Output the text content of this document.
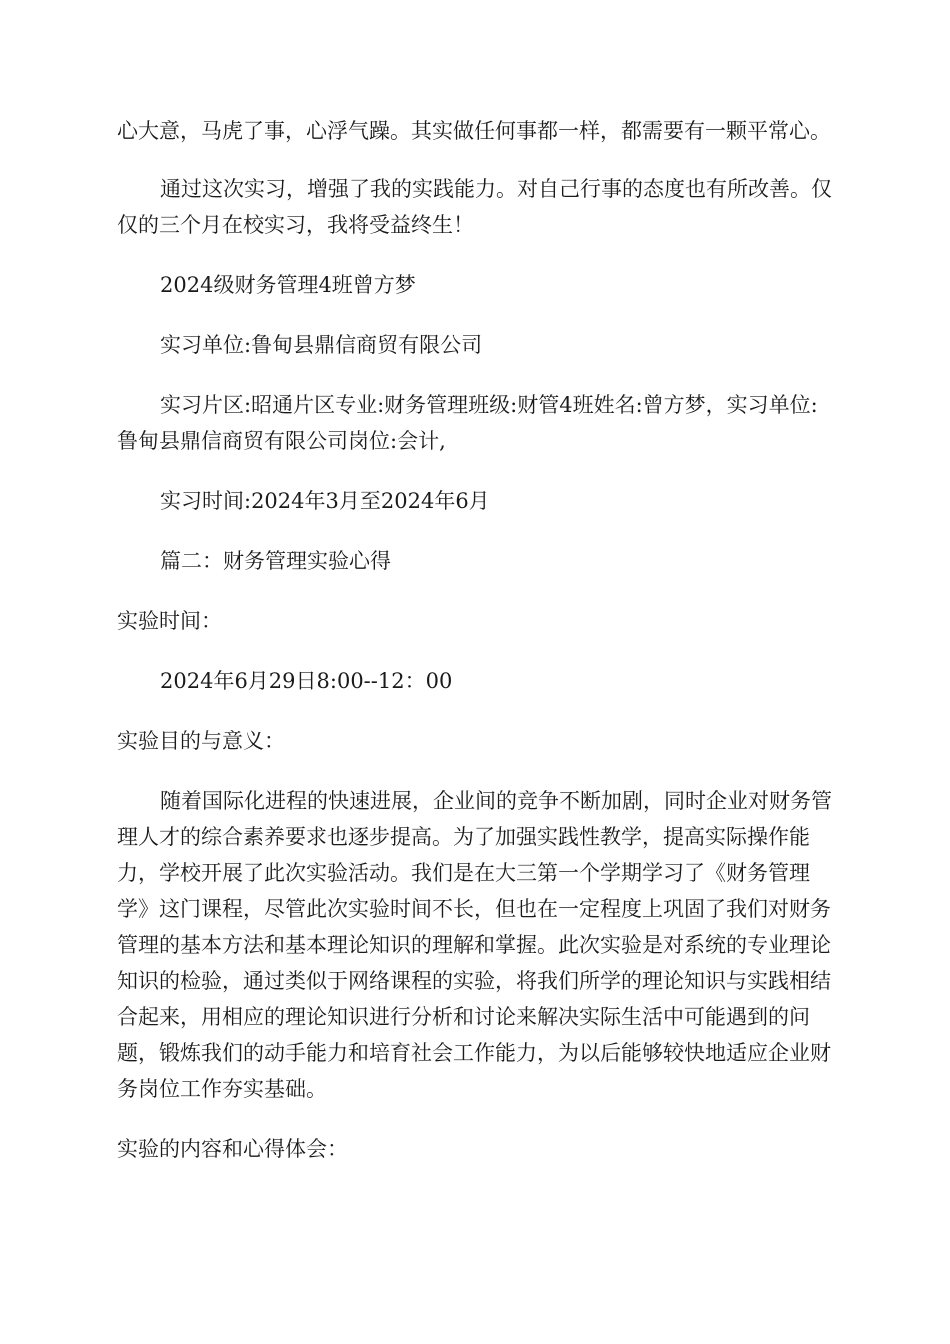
心大意，马虎了事，心浮气躁。其实做任何事都一样，都需要有一颗平常心。

通过这次实习，增强了我的实践能力。对自己行事的态度也有所改善。仅仅的三个月在校实习，我将受益终生！

2024级财务管理4班曾方梦

实习单位:鲁甸县鼎信商贸有限公司

实习片区:昭通片区专业:财务管理班级:财管4班姓名:曾方梦，实习单位:鲁甸县鼎信商贸有限公司岗位:会计,

实习时间:2024年3月至2024年6月

篇二：财务管理实验心得

实验时间：

2024年6月29日8:00--12：00

实验目的与意义：

随着国际化进程的快速进展，企业间的竞争不断加剧，同时企业对财务管理人才的综合素养要求也逐步提高。为了加强实践性教学，提高实际操作能力，学校开展了此次实验活动。我们是在大三第一个学期学习了《财务管理学》这门课程，尽管此次实验时间不长，但也在一定程度上巩固了我们对财务管理的基本方法和基本理论知识的理解和掌握。此次实验是对系统的专业理论知识的检验，通过类似于网络课程的实验，将我们所学的理论知识与实践相结合起来，用相应的理论知识进行分析和讨论来解决实际生活中可能遇到的问题，锻炼我们的动手能力和培育社会工作能力，为以后能够较快地适应企业财务岗位工作夯实基础。

实验的内容和心得体会：
